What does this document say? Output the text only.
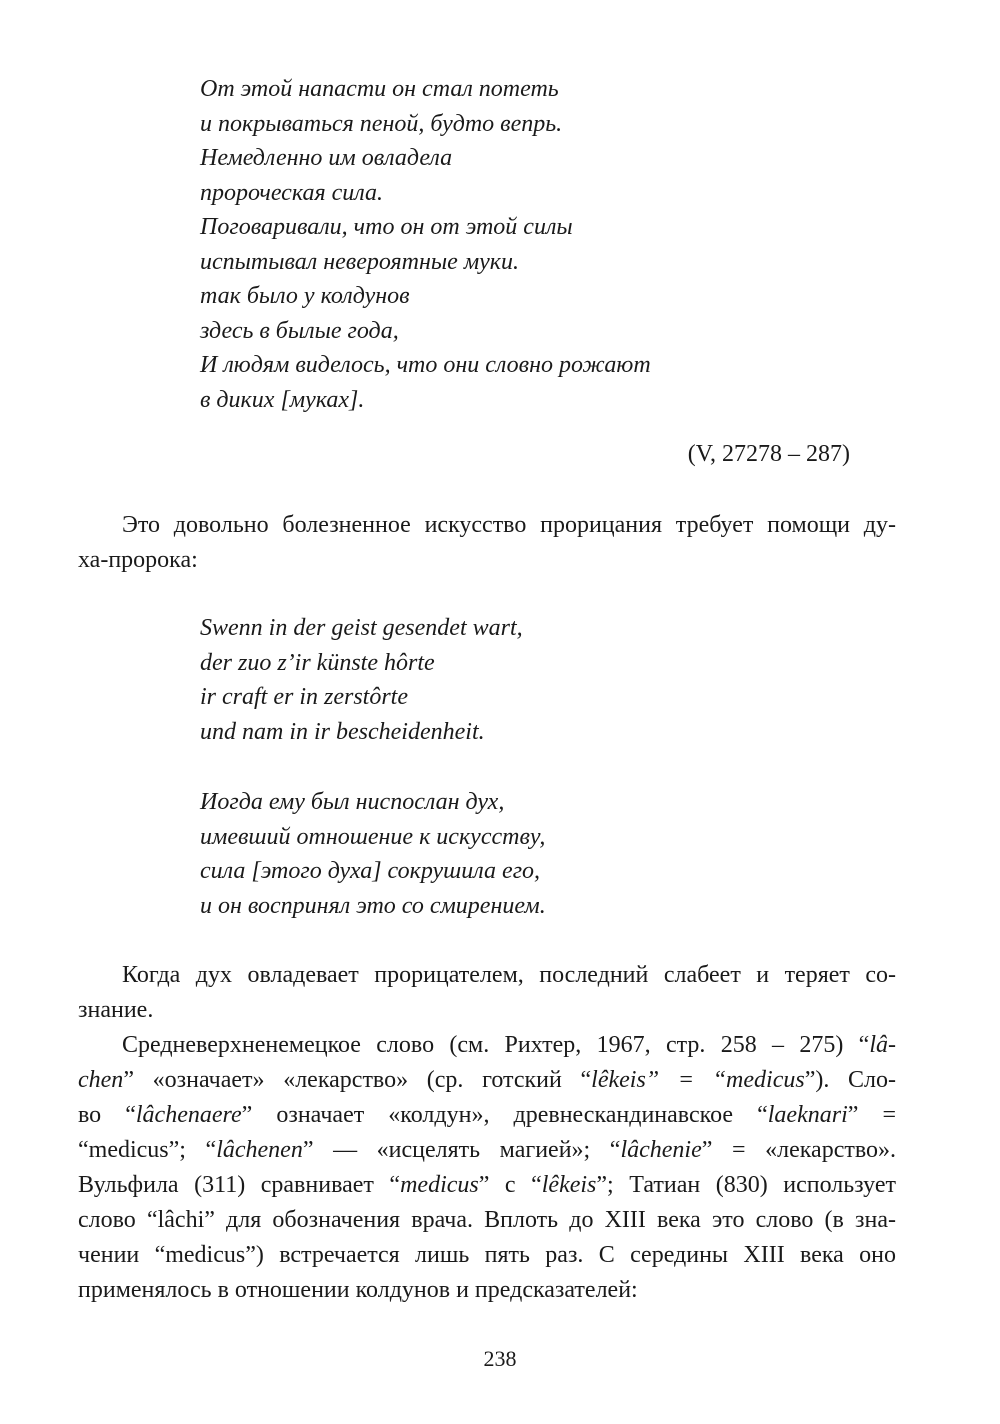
От этой напасти он стал потеть
и покрываться пеной, будто вепрь.
Немедленно им овладела
пророческая сила.
Поговаривали, что он от этой силы
испытывал невероятные муки.
так было у колдунов
здесь в былые года,
И людям виделось, что они словно рожают
в диких [муках].
(V, 27278 – 287)
Это довольно болезненное искусство прорицания требует помощи ду-
ха-пророка:
Swenn in der geist gesendet wart,
der zuo z’ir künste hôrte
ir craft er in zerstôrte
und nam in ir bescheidenheit.
Иогда ему был ниспослан дух,
имевший отношение к искусству,
сила [этого духа] сокрушила его,
и он воспринял это со смирением.
Когда дух овладевает прорицателем, последний слабеет и теряет со-
знание.
Средневерхненемецкое слово (см. Рихтер, 1967, стр. 258 – 275) “lâ-
chen” «означает» «лекарство» (ср. готский “lêkeis” = “medicus”). Сло-
во “lâchenaere” означает «колдун», древнескандинавское “laeknari” =
“medicus”; “lâchenen” — «исцелять магией»; “lâchenie” = «лекарство».
Вульфила (311) сравнивает “medicus” с “lêkeis”; Татиан (830) использует
слово “lâchi” для обозначения врача. Вплоть до XIII века это слово (в зна-
чении “medicus”) встречается лишь пять раз. С середины XIII века оно
применялось в отношении колдунов и предсказателей:
238
